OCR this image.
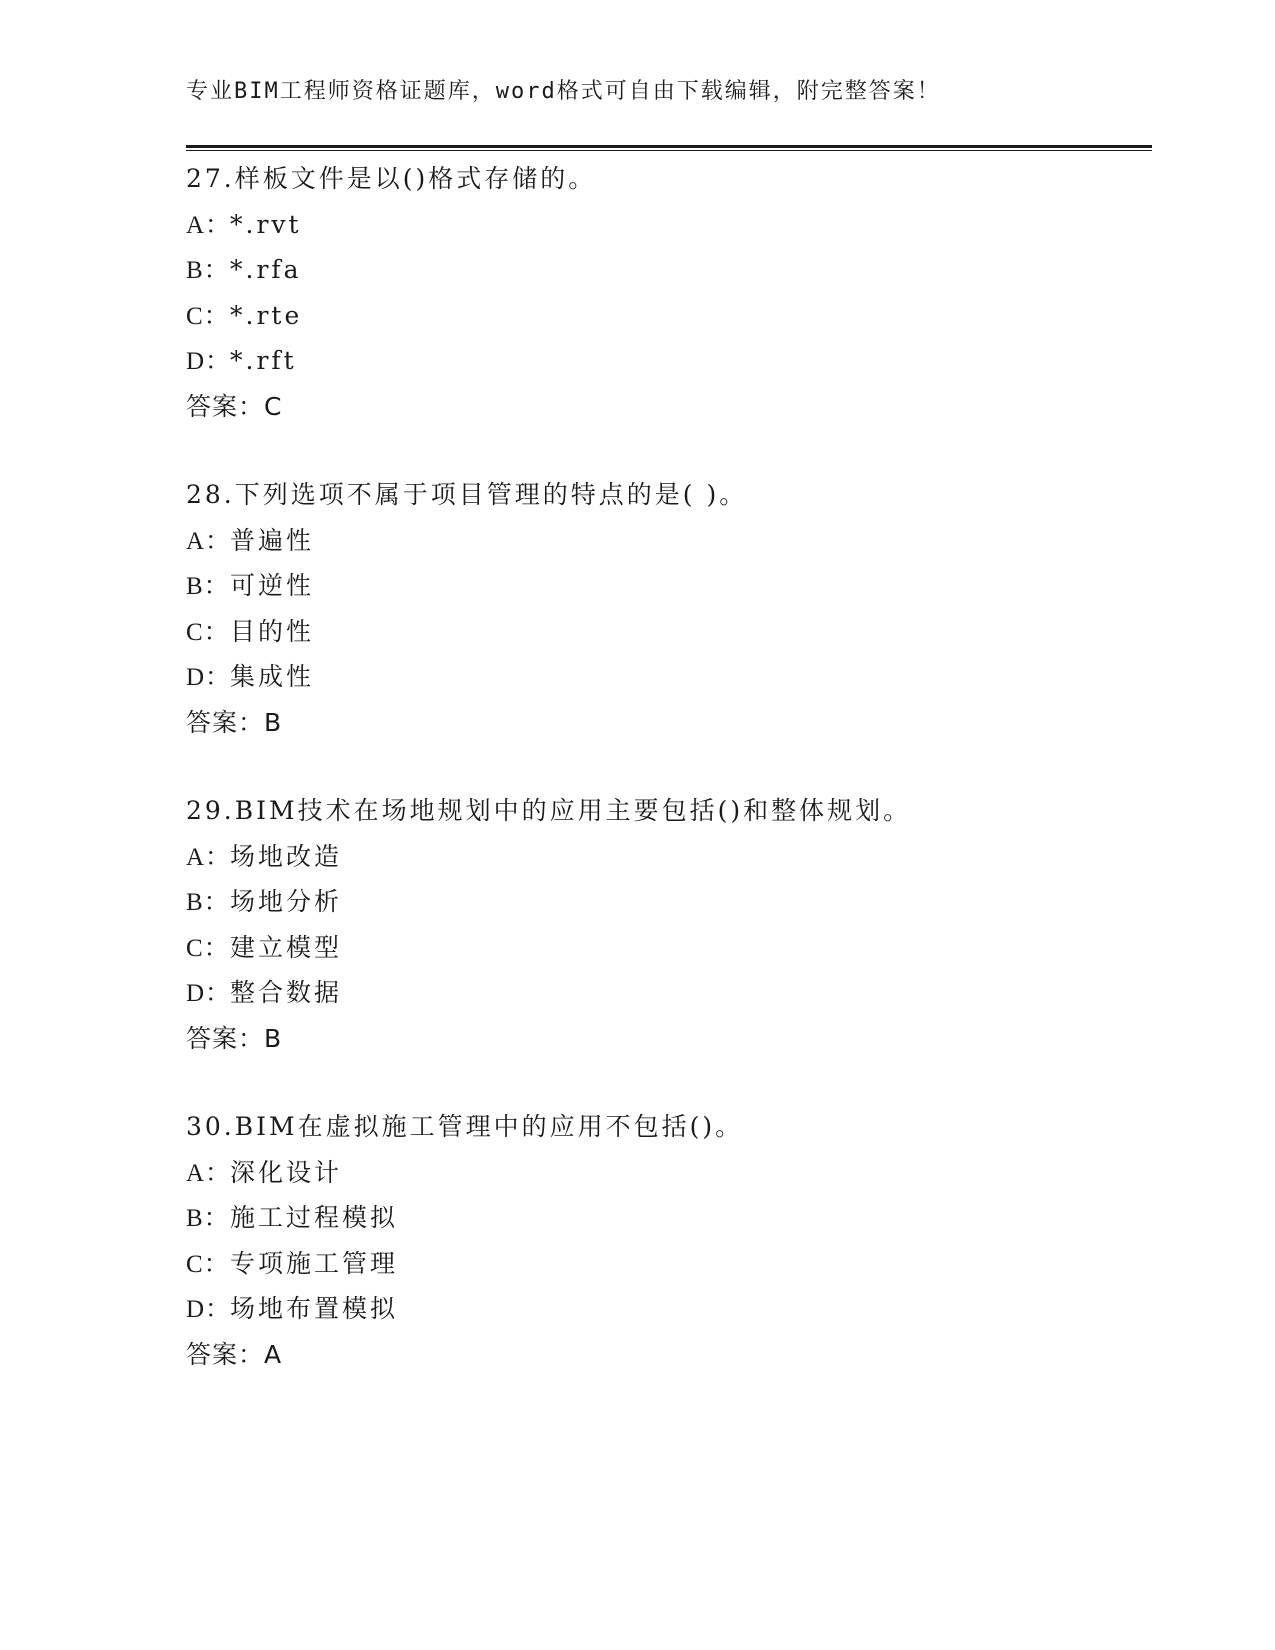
专业BIM工程师资格证题库，word格式可自由下载编辑，附完整答案！
27.样板文件是以()格式存储的。
A：*.rvt
B：*.rfa
C：*.rte
D：*.rft
答案：C
28.下列选项不属于项目管理的特点的是( )。
A：普遍性
B：可逆性
C：目的性
D：集成性
答案：B
29.BIM技术在场地规划中的应用主要包括()和整体规划。
A：场地改造
B：场地分析
C：建立模型
D：整合数据
答案：B
30.BIM在虚拟施工管理中的应用不包括()。
A：深化设计
B：施工过程模拟
C：专项施工管理
D：场地布置模拟
答案：A
